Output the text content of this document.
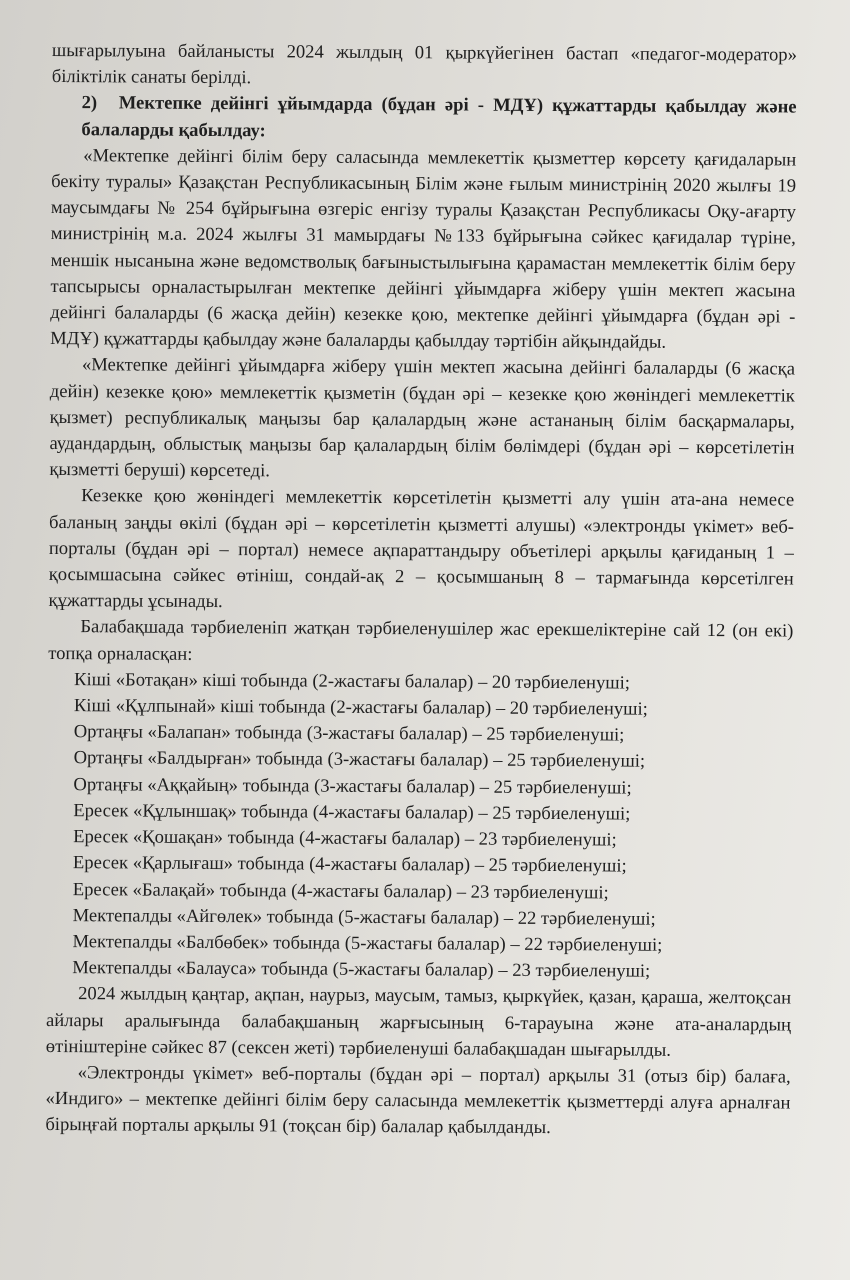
шығарылуына байланысты 2024 жылдың 01 қыркүйегінен бастап «педагог-модератор» біліктілік санаты берілді.

2) Мектепке дейінгі ұйымдарда (бұдан әрі - МДҰ) құжаттарды қабылдау және балаларды қабылдау:

«Мектепке дейінгі білім беру саласында мемлекеттік қызметтер көрсету қағидаларын бекіту туралы» Қазақстан Республикасының Білім және ғылым министрінің 2020 жылғы 19 маусымдағы № 254 бұйрығына өзгеріс енгізу туралы Қазақстан Республикасы Оқу-ағарту министрінің м.а. 2024 жылғы 31 мамырдағы №133 бұйрығына сәйкес қағидалар түріне, меншік нысанына және ведомстволық бағыныстылығына қарамастан мемлекеттік білім беру тапсырысы орналастырылған мектепке дейінгі ұйымдарға жіберу үшін мектеп жасына дейінгі балаларды (6 жасқа дейін) кезекке қою, мектепке дейінгі ұйымдарға (бұдан әрі - МДҰ) құжаттарды қабылдау және балаларды қабылдау тәртібін айқындайды.

«Мектепке дейінгі ұйымдарға жіберу үшін мектеп жасына дейінгі балаларды (6 жасқа дейін) кезекке қою» мемлекеттік қызметін (бұдан әрі – кезекке қою жөніндегі мемлекеттік қызмет) республикалық маңызы бар қалалардың және астананың білім басқармалары, аудандардың, облыстық маңызы бар қалалардың білім бөлімдері (бұдан әрі – көрсетілетін қызметті беруші) көрсетеді.

Кезекке қою жөніндегі мемлекеттік көрсетілетін қызметті алу үшін ата-ана немесе баланың заңды өкілі (бұдан әрі – көрсетілетін қызметті алушы) «электронды үкімет» веб-порталы (бұдан әрі – портал) немесе ақпараттандыру объетілері арқылы қағиданың 1 – қосымшасына сәйкес өтініш, сондай-ақ 2 – қосымшаның 8 – тармағында көрсетілген құжаттарды ұсынады.

Балабақшада тәрбиеленіп жатқан тәрбиеленушілер жас ерекшеліктеріне сай 12 (он екі) топқа орналасқан:

Кіші «Ботақан» кіші тобында (2-жастағы балалар) – 20 тәрбиеленуші;
Кіші «Құлпынай» кіші тобында (2-жастағы балалар) – 20 тәрбиеленуші;
Ортаңғы «Балапан» тобында (3-жастағы балалар) – 25 тәрбиеленуші;
Ортаңғы «Балдырған» тобында (3-жастағы балалар) – 25 тәрбиеленуші;
Ортаңғы «Аққайың» тобында (3-жастағы балалар) – 25 тәрбиеленуші;
Ересек «Құлыншақ» тобында (4-жастағы балалар) – 25 тәрбиеленуші;
Ересек «Қошақан» тобында (4-жастағы балалар) – 23 тәрбиеленуші;
Ересек «Қарлығаш» тобында (4-жастағы балалар) – 25 тәрбиеленуші;
Ересек «Балақай» тобында (4-жастағы балалар) – 23 тәрбиеленуші;
Мектепалды «Айгөлек» тобында (5-жастағы балалар) – 22 тәрбиеленуші;
Мектепалды «Балбөбек» тобында (5-жастағы балалар) – 22 тәрбиеленуші;
Мектепалды «Балауса» тобында (5-жастағы балалар) – 23 тәрбиеленуші;

2024 жылдың қаңтар, ақпан, наурыз, маусым, тамыз, қыркүйек, қазан, қараша, желтоқсан айлары аралығында балабақшаның жарғысының 6-тарауына және ата-аналардың өтініштеріне сәйкес 87 (сексен жеті) тәрбиеленуші балабақшадан шығарылды.

«Электронды үкімет» веб-порталы (бұдан әрі – портал) арқылы 31 (отыз бір) балаға, «Индиго» – мектепке дейінгі білім беру саласында мемлекеттік қызметтерді алуға арналған бірыңғай порталы арқылы 91 (тоқсан бір) балалар қабылданды.
